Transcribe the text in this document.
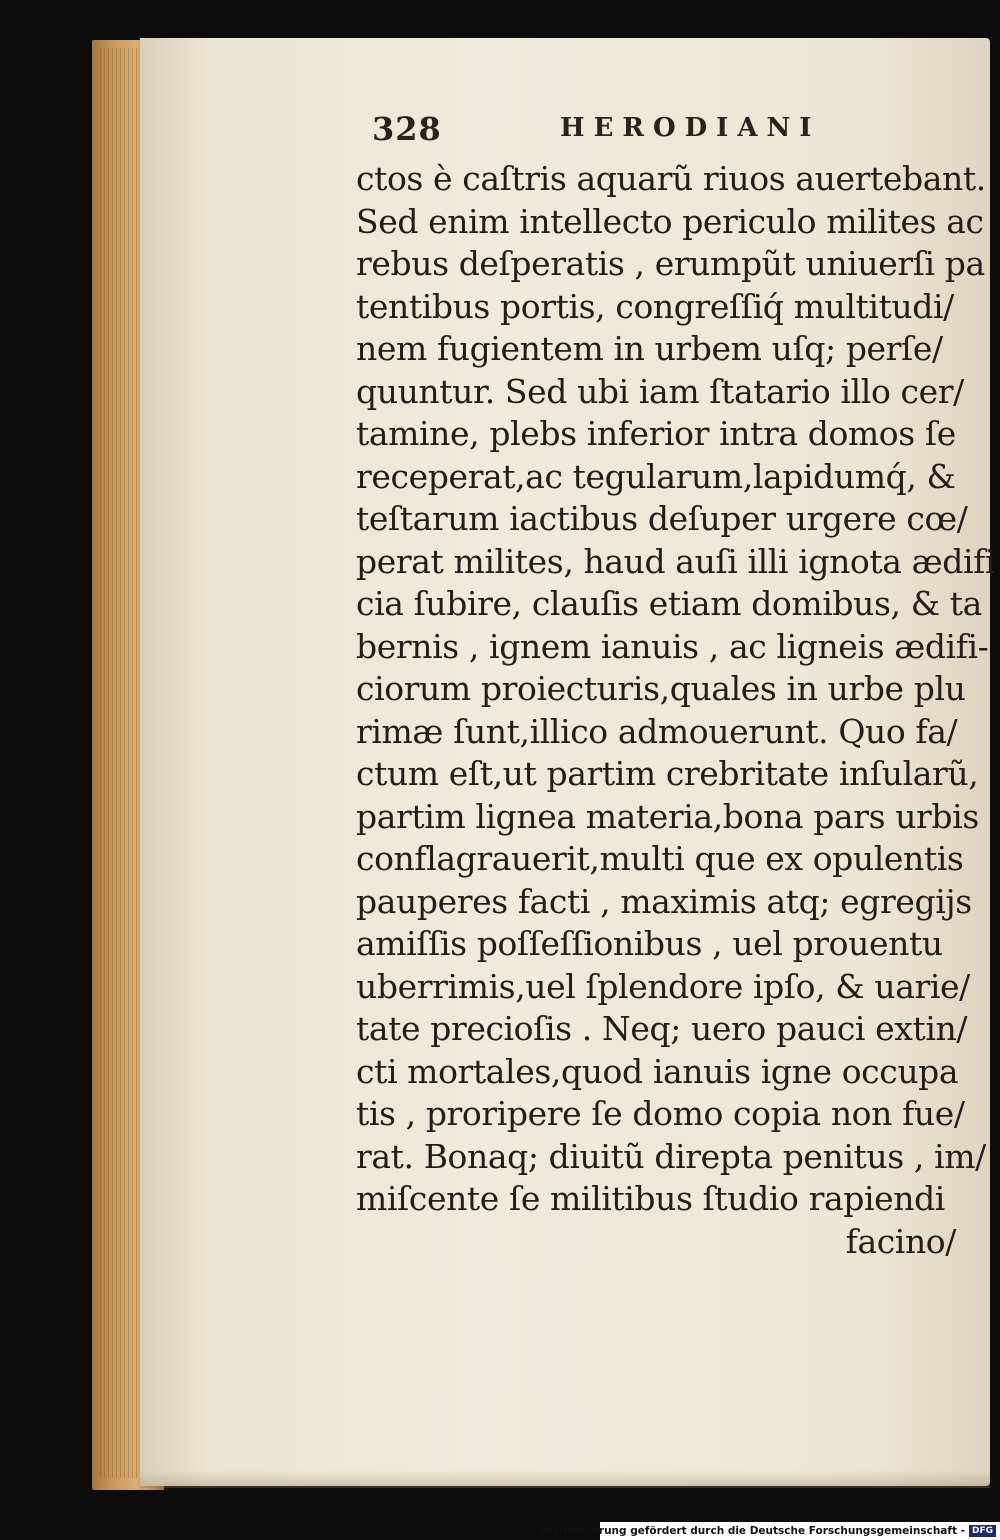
328	HERODIANI
ctos è caſtris aquarũ riuos auertebant.
Sed enim intellecto periculo milites ac
rebus deſperatis , erumpũt uniuerſi pa
tentibus portis, congreſſiq́ multitudi/
nem fugientem in urbem uſq; perſe/
quuntur. Sed ubi iam ſtatario illo cer/
tamine, plebs inferior intra domos ſe
receperat,ac tegularum,lapidumq́, &
teſtarum iactibus deſuper urgere cœ/
perat milites, haud auſi illi ignota ædifi
cia ſubire, clauſis etiam domibus, & ta
bernis , ignem ianuis , ac ligneis ædifi-
ciorum proiecturis,quales in urbe plu
rimæ ſunt,illico admouerunt. Quo fa/
ctum eſt,ut partim crebritate inſularũ,
partim lignea materia,bona pars urbis
conflagrauerit,multi que ex opulentis
pauperes facti , maximis atq; egregijs
amiſſis poſſeſſionibus , uel prouentu
uberrimis,uel ſplendore ipſo, & uarie/
tate precioſis . Neq; uero pauci extin/
cti mortales,quod ianuis igne occupa
tis , proripere ſe domo copia non fue/
rat. Bonaq; diuitũ direpta penitus , im/
miſcente ſe militibus ſtudio rapiendi
facino/
Digitalisierung gefördert durch die Deutsche Forschungsgemeinschaft - DFG
